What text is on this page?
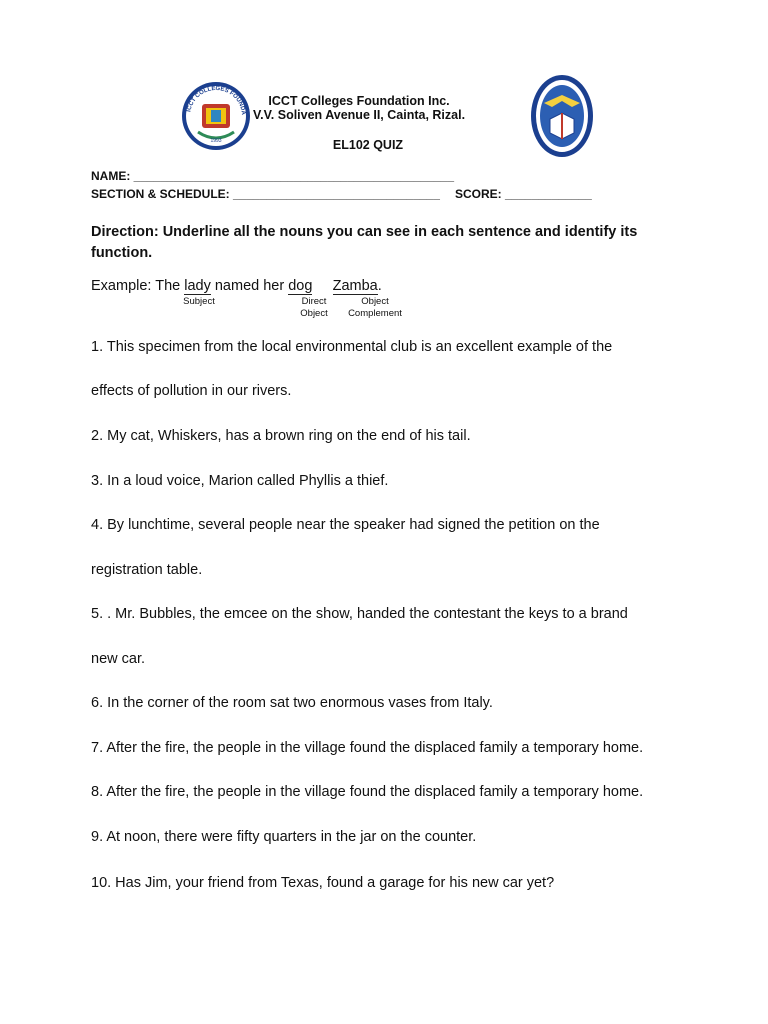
ICCT COLLEGES FOUNDA
1993
ICCT Colleges Foundation Inc.
V.V. Soliven Avenue II, Cainta, Rizal.
EL102 QUIZ
NAME: ________________________________________________
SECTION & SCHEDULE: _______________________________ SCORE: _____________
Direction: Underline all the nouns you can see in each sentence and identify its function.
Example: The lady named her dog Zamba.
Subject	Direct
Object
Object
Complement
1. This specimen from the local environmental club is an excellent example of the
effects of pollution in our rivers.
2. My cat, Whiskers, has a brown ring on the end of his tail.
3. In a loud voice, Marion called Phyllis a thief.
4. By lunchtime, several people near the speaker had signed the petition on the
registration table.
5. . Mr. Bubbles, the emcee on the show, handed the contestant the keys to a brand
new car.
6. In the corner of the room sat two enormous vases from Italy.
7. After the fire, the people in the village found the displaced family a temporary home.
8. After the fire, the people in the village found the displaced family a temporary home.
9. At noon, there were fifty quarters in the jar on the counter.
10. Has Jim, your friend from Texas, found a garage for his new car yet?
